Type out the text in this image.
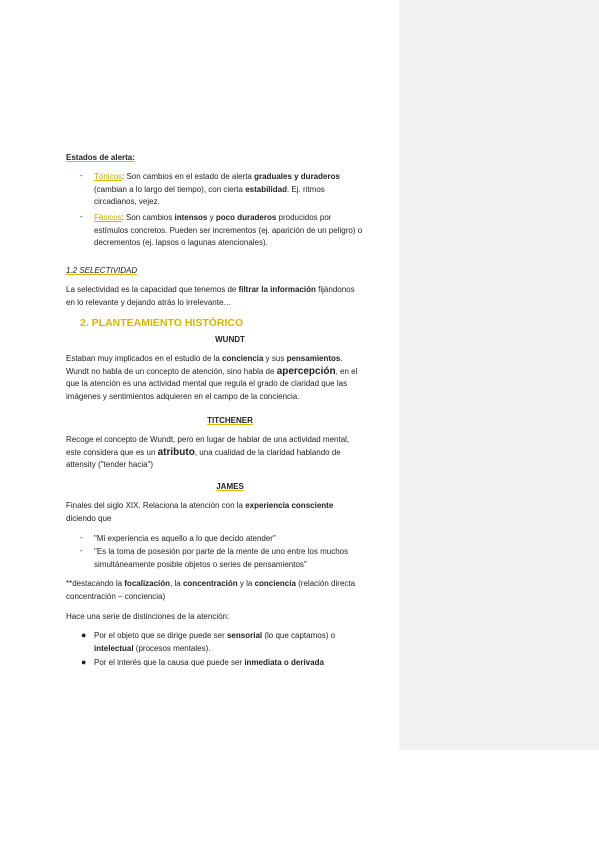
Estados de alerta:
- Tónicos: Son cambios en el estado de alerta graduales y duraderos
(cambian a lo largo del tiempo), con cierta estabilidad. Ej. ritmos
circadianos, vejez.
- Fásicos: Son cambios intensos y poco duraderos producidos por
estímulos concretos. Pueden ser incrementos (ej. aparición de un peligro) o
decrementos (ej. lapsos o lagunas atencionales).
1.2 SELECTIVIDAD
La selectividad es la capacidad que tenemos de filtrar la información fijándonos
en lo relevante y dejando atrás lo irrelevante…
2. PLANTEAMIENTO HISTÓRICO
WUNDT
Estaban muy implicados en el estudio de la conciencia y sus pensamientos.
Wundt no habla de un concepto de atención, sino habla de apercepción, en el
que la atención es una actividad mental que regula el grado de claridad que las
imágenes y sentimientos adquieren en el campo de la conciencia.
TITCHENER
Recoge el concepto de Wundt, pero en lugar de hablar de una actividad mental,
este considera que es un atributo, una cualidad de la claridad hablando de
attensity ("tender hacia")
JAMES
Finales del siglo XIX. Relaciona la atención con la experiencia consciente
diciendo que
- "Mi experiencia es aquello a lo que decido atender"
- "Es la toma de posesión por parte de la mente de uno entre los muchos
simultáneamente posible objetos o series de pensamientos"
**destacando la focalización, la concentración y la conciencia (relación directa
concentración – conciencia)
Hace una serie de distinciones de la atención:
● Por el objeto que se dirige puede ser sensorial (lo que captamos) o
intelectual (procesos mentales).
● Por el interés que la causa que puede ser inmediata o derivada
